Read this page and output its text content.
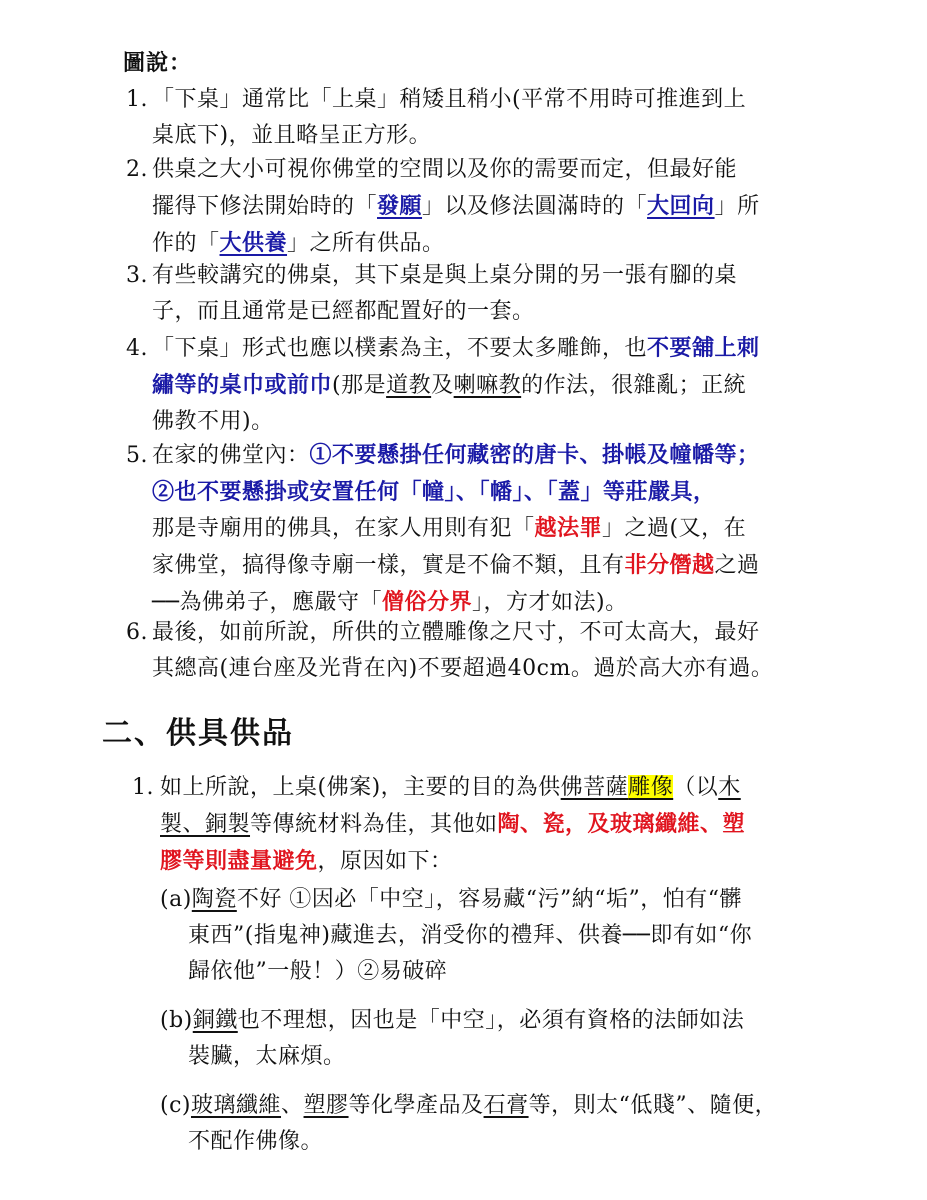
圖說：
1. 「下桌」通常比「上桌」稍矮且稍小(平常不用時可推進到上
桌底下)，並且略呈正方形。
2. 供桌之大小可視你佛堂的空間以及你的需要而定，但最好能
擺得下修法開始時的「發願」以及修法圓滿時的「大回向」所
作的「大供養」之所有供品。
3. 有些較講究的佛桌，其下桌是與上桌分開的另一張有腳的桌
子，而且通常是已經都配置好的一套。
4. 「下桌」形式也應以樸素為主，不要太多雕飾，也不要舖上刺
繡等的桌巾或前巾(那是道教及喇嘛教的作法，很雜亂；正統
佛教不用)。
5. 在家的佛堂內：①不要懸掛任何藏密的唐卡、掛帳及幢幡等；
②也不要懸掛或安置任何「幢」、「幡」、「蓋」等莊嚴具，
那是寺廟用的佛具，在家人用則有犯「越法罪」之過(又，在
家佛堂，搞得像寺廟一樣，實是不倫不類，且有非分僭越之過
──為佛弟子，應嚴守「僧俗分界」，方才如法)。
6. 最後，如前所說，所供的立體雕像之尺寸，不可太高大，最好
其總高(連台座及光背在內)不要超過40cm。過於高大亦有過。
二、供具供品
1. 如上所說，上桌(佛案)，主要的目的為供佛菩薩雕像（以木
製、銅製等傳統材料為佳，其他如陶、瓷，及玻璃纖維、塑
膠等則盡量避免，原因如下：
(a)陶瓷不好 ①因必「中空」，容易藏“污”納“垢”，怕有“髒
東西”(指鬼神)藏進去，消受你的禮拜、供養──即有如“你
歸依他”一般！）②易破碎
(b)銅鐵也不理想，因也是「中空」，必須有資格的法師如法
裝臟，太麻煩。
(c)玻璃纖維、塑膠等化學產品及石膏等，則太“低賤”、隨便，
不配作佛像。
